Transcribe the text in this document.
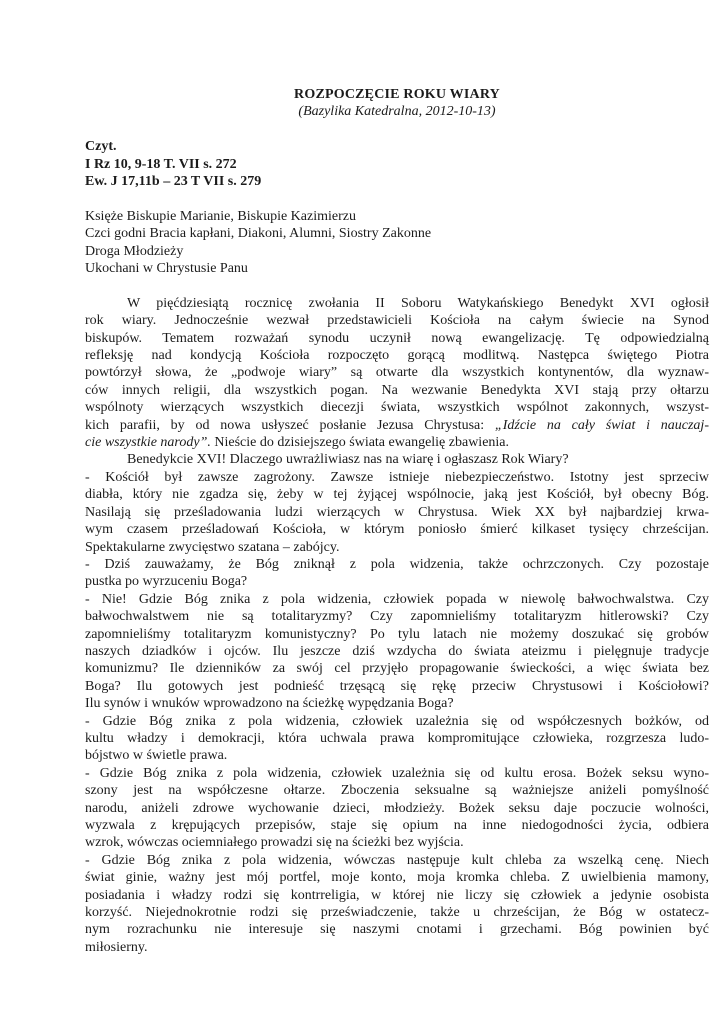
ROZPOCZĘCIE ROKU WIARY
(Bazylika Katedralna, 2012-10-13)
Czyt.
I Rz 10, 9-18 T. VII s. 272
Ew. J 17,11b – 23 T VII s. 279
Księże Biskupie Marianie, Biskupie Kazimierzu
Czci godni Bracia kapłani, Diakoni, Alumni, Siostry Zakonne
Droga Młodzieży
Ukochani w Chrystusie Panu
W pięćdziesiątą rocznicę zwołania II Soboru Watykańskiego Benedykt XVI ogłosił
rok wiary. Jednocześnie wezwał przedstawicieli Kościoła na całym świecie na Synod
biskupów. Tematem rozważań synodu uczynił nową ewangelizację. Tę odpowiedzialną
refleksję nad kondycją Kościoła rozpoczęto gorącą modlitwą. Następca świętego Piotra
powtórzył słowa, że „podwoje wiary” są otwarte dla wszystkich kontynentów, dla wyznaw-
ców innych religii, dla wszystkich pogan. Na wezwanie Benedykta XVI stają przy ołtarzu
wspólnoty wierzących wszystkich diecezji świata, wszystkich wspólnot zakonnych, wszyst-
kich parafii, by od nowa usłyszeć posłanie Jezusa Chrystusa: „Idźcie na cały świat i nauczaj-
cie wszystkie narody”. Nieście do dzisiejszego świata ewangelię zbawienia.
Benedykcie XVI! Dlaczego uwrażliwiasz nas na wiarę i ogłaszasz Rok Wiary?
- Kościół był zawsze zagrożony. Zawsze istnieje niebezpieczeństwo. Istotny jest sprzeciw
diabła, który nie zgadza się, żeby w tej żyjącej wspólnocie, jaką jest Kościół, był obecny Bóg.
Nasilają się prześladowania ludzi wierzących w Chrystusa. Wiek XX był najbardziej krwa-
wym czasem prześladowań Kościoła, w którym poniosło śmierć kilkaset tysięcy chrześcijan.
Spektakularne zwycięstwo szatana – zabójcy.
- Dziś zauważamy, że Bóg zniknął z pola widzenia, także ochrzczonych. Czy pozostaje
pustka po wyrzuceniu Boga?
- Nie! Gdzie Bóg znika z pola widzenia, człowiek popada w niewolę bałwochwalstwa. Czy
bałwochwalstwem nie są totalitaryzmy? Czy zapomnieliśmy totalitaryzm hitlerowski? Czy
zapomnieliśmy totalitaryzm komunistyczny? Po tylu latach nie możemy doszukać się grobów
naszych dziadków i ojców. Ilu jeszcze dziś wzdycha do świata ateizmu i pielęgnuje tradycje
komunizmu? Ile dzienników za swój cel przyjęło propagowanie świeckości, a więc świata bez
Boga? Ilu gotowych jest podnieść trzęsącą się rękę przeciw Chrystusowi i Kościołowi?
Ilu synów i wnuków wprowadzono na ścieżkę wypędzania Boga?
- Gdzie Bóg znika z pola widzenia, człowiek uzależnia się od współczesnych bożków, od
kultu władzy i demokracji, która uchwala prawa kompromitujące człowieka, rozgrzesza ludo-
bójstwo w świetle prawa.
- Gdzie Bóg znika z pola widzenia, człowiek uzależnia się od kultu erosa. Bożek seksu wyno-
szony jest na współczesne ołtarze. Zboczenia seksualne są ważniejsze aniżeli pomyślność
narodu, aniżeli zdrowe wychowanie dzieci, młodzieży. Bożek seksu daje poczucie wolności,
wyzwala z krępujących przepisów, staje się opium na inne niedogodności życia, odbiera
wzrok, wówczas ociemniałego prowadzi się na ścieżki bez wyjścia.
- Gdzie Bóg znika z pola widzenia, wówczas następuje kult chleba za wszelką cenę. Niech
świat ginie, ważny jest mój portfel, moje konto, moja kromka chleba. Z uwielbienia mamony,
posiadania i władzy rodzi się kontrreligia, w której nie liczy się człowiek a jedynie osobista
korzyść. Niejednokrotnie rodzi się przeświadczenie, także u chrześcijan, że Bóg w ostatecz-
nym rozrachunku nie interesuje się naszymi cnotami i grzechami. Bóg powinien być
miłosierny.
